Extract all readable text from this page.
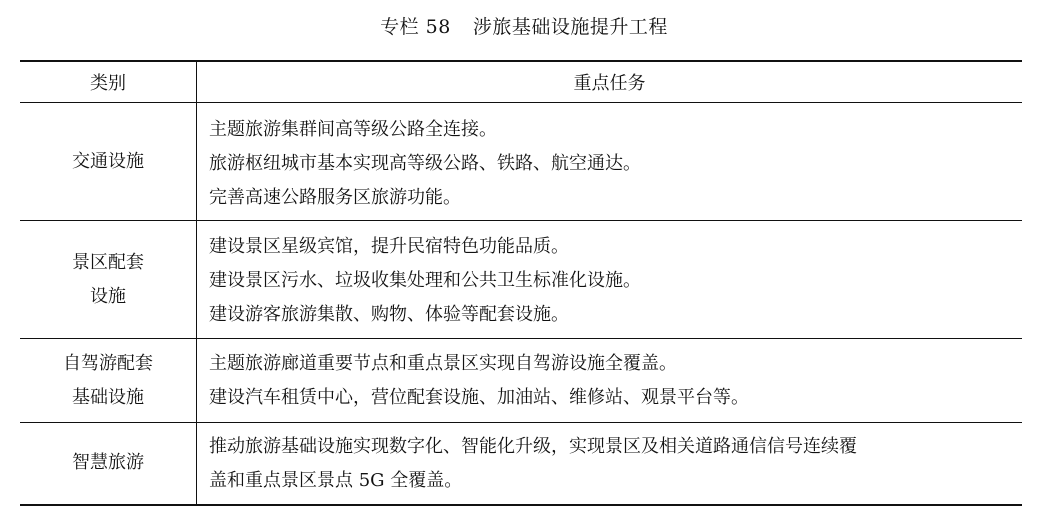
专栏 58 涉旅基础设施提升工程
类别	重点任务

交通设施	主题旅游集群间高等级公路全连接。
旅游枢纽城市基本实现高等级公路、铁路、航空通达。
完善高速公路服务区旅游功能。

景区配套
设施	建设景区星级宾馆，提升民宿特色功能品质。
建设景区污水、垃圾收集处理和公共卫生标准化设施。
建设游客旅游集散、购物、体验等配套设施。

自驾游配套
基础设施	主题旅游廊道重要节点和重点景区实现自驾游设施全覆盖。
建设汽车租赁中心，营位配套设施、加油站、维修站、观景平台等。

智慧旅游	推动旅游基础设施实现数字化、智能化升级，实现景区及相关道路通信信号连续覆
盖和重点景区景点 5G 全覆盖。
